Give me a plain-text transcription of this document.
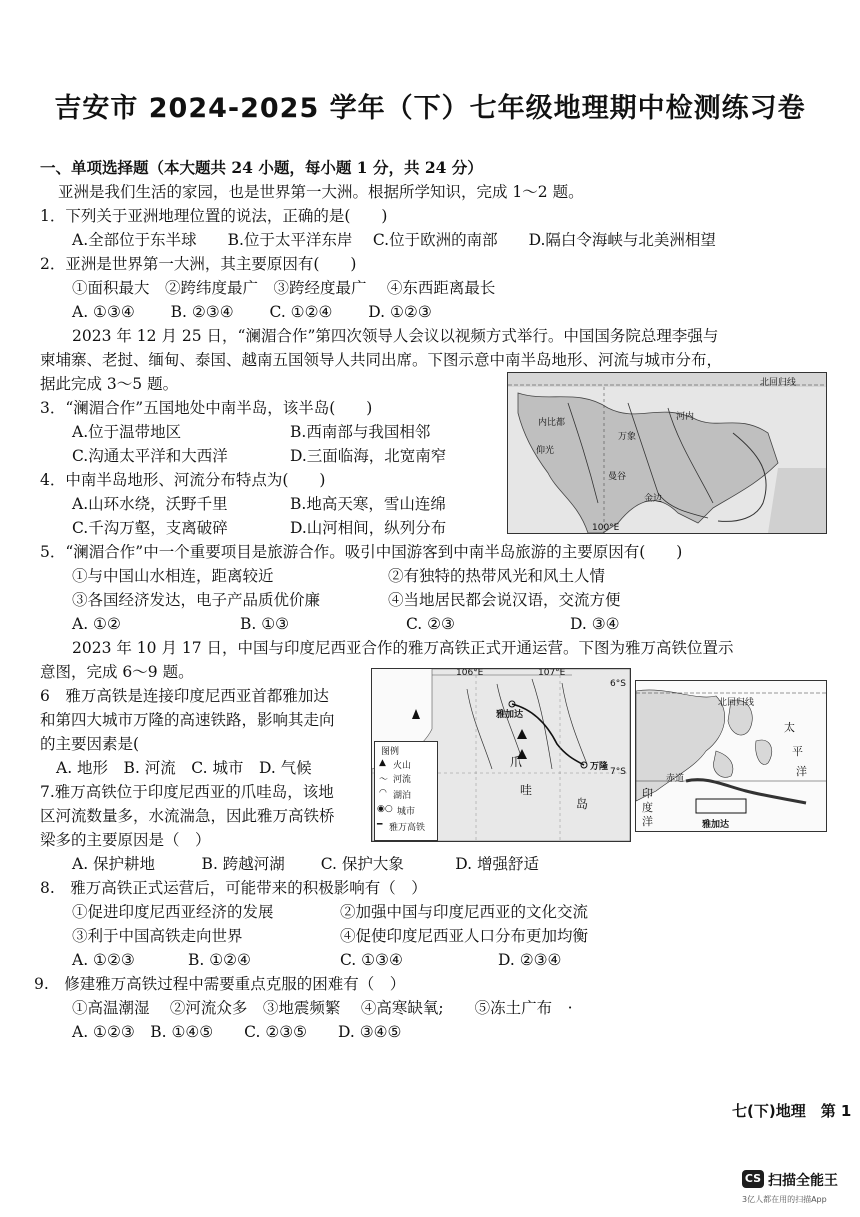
吉安市 2024-2025 学年（下）七年级地理期中检测练习卷
一、单项选择题（本大题共 24 小题，每小题 1 分，共 24 分）
亚洲是我们生活的家园，也是世界第一大洲。根据所学知识，完成 1～2 题。
1．下列关于亚洲地理位置的说法，正确的是(　　)
A.全部位于东半球　　B.位于太平洋东岸　 C.位于欧洲的南部　　D.隔白令海峡与北美洲相望
2．亚洲是世界第一大洲，其主要原因有(　　)
①面积最大　②跨纬度最广　③跨经度最广　 ④东西距离最长
A. ①③④　　 B. ②③④　　 C. ①②④　　 D. ①②③
2023 年 12 月 25 日，“澜湄合作”第四次领导人会议以视频方式举行。中国国务院总理李强与
柬埔寨、老挝、缅甸、泰国、越南五国领导人共同出席。下图示意中南半岛地形、河流与城市分布，
据此完成 3～5 题。
3．“澜湄合作”五国地处中南半岛，该半岛(　　)
A.位于温带地区	B.西南部与我国相邻
C.沟通太平洋和大西洋	D.三面临海，北宽南窄
4．中南半岛地形、河流分布特点为(　　)
A.山环水绕，沃野千里	B.地高天寒，雪山连绵
C.千沟万壑，支离破碎	D.山河相间，纵列分布
北回归线
内比都
仰光
万象
河内
曼谷
金边
100°E
5．“澜湄合作”中一个重要项目是旅游合作。吸引中国游客到中南半岛旅游的主要原因有(　　)
①与中国山水相连，距离较近	②有独特的热带风光和风土人情
③各国经济发达，电子产品质优价廉	④当地居民都会说汉语，交流方便
A. ①②	B. ①③	C. ②③	D. ③④
2023 年 10 月 17 日，中国与印度尼西亚合作的雅万高铁正式开通运营。下图为雅万高铁位置示
意图，完成 6～9 题。
6　雅万高铁是连接印度尼西亚首都雅加达
和第四大城市万隆的高速铁路，影响其走向
的主要因素是(
A. 地形　B. 河流　C. 城市　D. 气候
7.雅万高铁位于印度尼西亚的爪哇岛，该地
区河流数量多，水流湍急，因此雅万高铁桥
梁多的主要原因是（　）
A. 保护耕地　　　B. 跨越河湖　　 C. 保护大象　　　 D. 增强舒适
106°E	107°E
6°S
7°S
雅加达
万隆
爪
哇
岛
图例
▲ 火山
〜 河流
◠ 湖泊
◉○ 城市
━ 雅万高铁
北回归线
太
平
洋
印
度
洋
赤道
雅加达
8.　雅万高铁正式运营后，可能带来的积极影响有（　）
①促进印度尼西亚经济的发展	②加强中国与印度尼西亚的文化交流
③利于中国高铁走向世界	④促使印度尼西亚人口分布更加均衡
A. ①②③	B. ①②④	C. ①③④	D. ②③④
9.　修建雅万高铁过程中需要重点克服的困难有（　）
①高温潮湿　 ②河流众多　③地震频繁　 ④高寒缺氧;　　⑤冻土广布　·
A. ①②③　B. ①④⑤　　C. ②③⑤　　D. ③④⑤
七(下)地理　第 1
CS 扫描全能王
3亿人都在用的扫描App
